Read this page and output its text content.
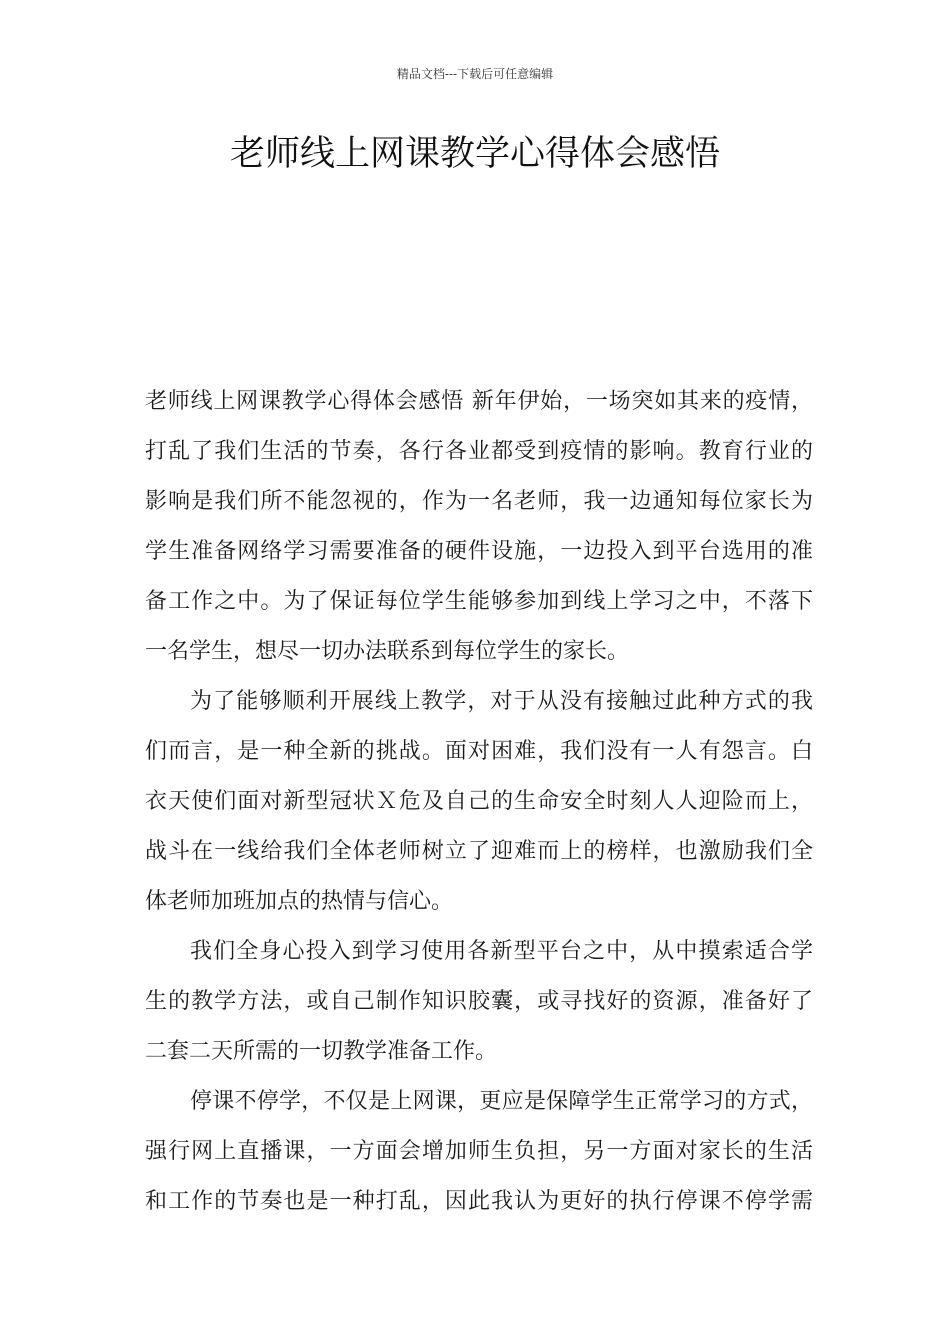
精品文档---下载后可任意编辑
老师线上网课教学心得体会感悟
老师线上网课教学心得体会感悟 新年伊始，一场突如其来的疫情，
打乱了我们生活的节奏，各行各业都受到疫情的影响。教育行业的
影响是我们所不能忽视的，作为一名老师，我一边通知每位家长为
学生准备网络学习需要准备的硬件设施，一边投入到平台选用的准
备工作之中。为了保证每位学生能够参加到线上学习之中，不落下
一名学生，想尽一切办法联系到每位学生的家长。
为了能够顺利开展线上教学，对于从没有接触过此种方式的我
们而言，是一种全新的挑战。面对困难，我们没有一人有怨言。白
衣天使们面对新型冠状Ｘ危及自己的生命安全时刻人人迎险而上，
战斗在一线给我们全体老师树立了迎难而上的榜样，也激励我们全
体老师加班加点的热情与信心。
我们全身心投入到学习使用各新型平台之中，从中摸索适合学
生的教学方法，或自己制作知识胶囊，或寻找好的资源，准备好了
二套二天所需的一切教学准备工作。
停课不停学，不仅是上网课，更应是保障学生正常学习的方式，
强行网上直播课，一方面会增加师生负担，另一方面对家长的生活
和工作的节奏也是一种打乱，因此我认为更好的执行停课不停学需
